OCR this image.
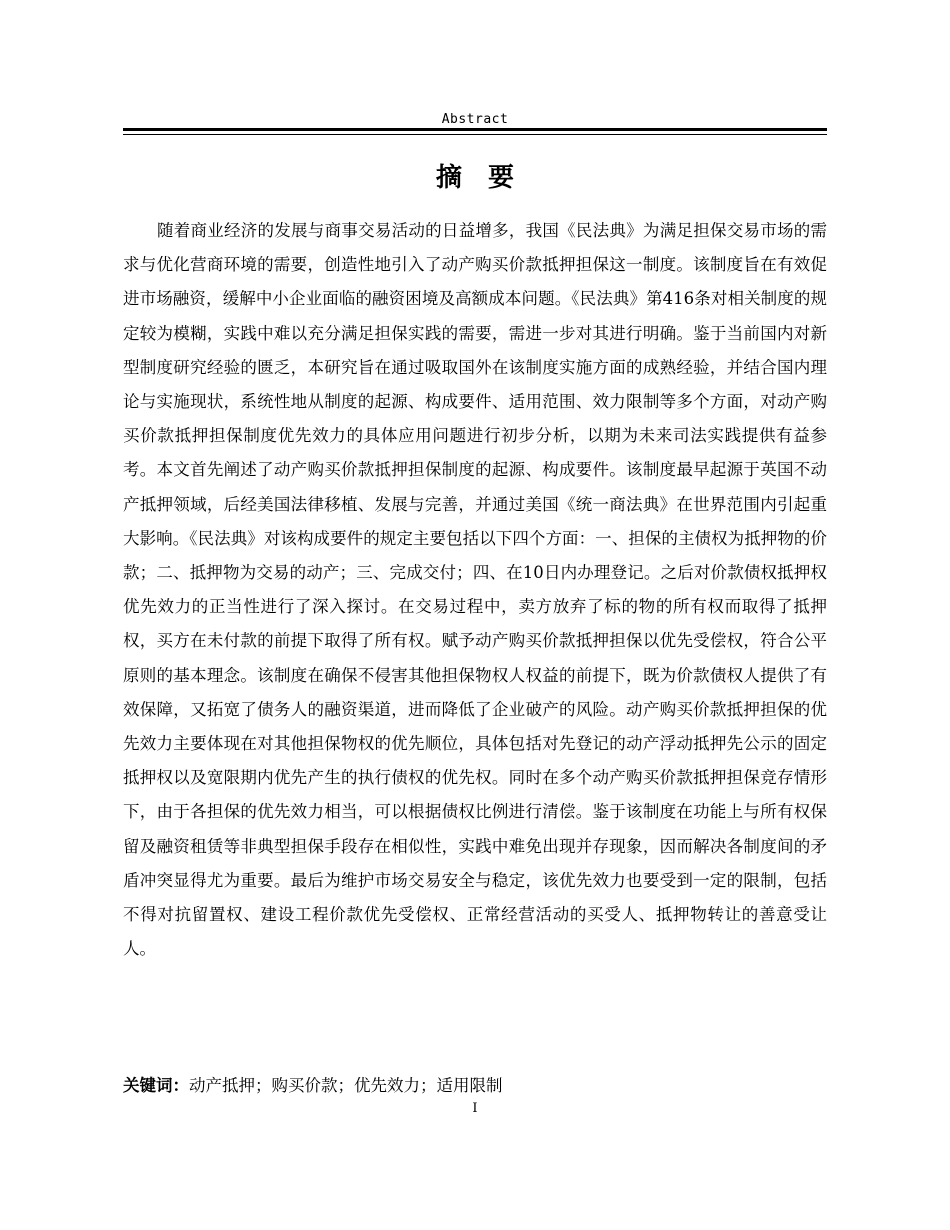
Abstract
摘要

随着商业经济的发展与商事交易活动的日益增多，我国《民法典》为满足担保交易市场的需求与优化营商环境的需要，创造性地引入了动产购买价款抵押担保这一制度。该制度旨在有效促进市场融资，缓解中小企业面临的融资困境及高额成本问题。《民法典》第416条对相关制度的规定较为模糊，实践中难以充分满足担保实践的需要，需进一步对其进行明确。鉴于当前国内对新型制度研究经验的匮乏，本研究旨在通过吸取国外在该制度实施方面的成熟经验，并结合国内理论与实施现状，系统性地从制度的起源、构成要件、适用范围、效力限制等多个方面，对动产购买价款抵押担保制度优先效力的具体应用问题进行初步分析，以期为未来司法实践提供有益参考。本文首先阐述了动产购买价款抵押担保制度的起源、构成要件。该制度最早起源于英国不动产抵押领域，后经美国法律移植、发展与完善，并通过美国《统一商法典》在世界范围内引起重大影响。《民法典》对该构成要件的规定主要包括以下四个方面：一、担保的主债权为抵押物的价款；二、抵押物为交易的动产；三、完成交付；四、在10日内办理登记。之后对价款债权抵押权优先效力的正当性进行了深入探讨。在交易过程中，卖方放弃了标的物的所有权而取得了抵押权，买方在未付款的前提下取得了所有权。赋予动产购买价款抵押担保以优先受偿权，符合公平原则的基本理念。该制度在确保不侵害其他担保物权人权益的前提下，既为价款债权人提供了有效保障，又拓宽了债务人的融资渠道，进而降低了企业破产的风险。动产购买价款抵押担保的优先效力主要体现在对其他担保物权的优先顺位，具体包括对先登记的动产浮动抵押先公示的固定抵押权以及宽限期内优先产生的执行债权的优先权。同时在多个动产购买价款抵押担保竞存情形下，由于各担保的优先效力相当，可以根据债权比例进行清偿。鉴于该制度在功能上与所有权保留及融资租赁等非典型担保手段存在相似性，实践中难免出现并存现象，因而解决各制度间的矛盾冲突显得尤为重要。最后为维护市场交易安全与稳定，该优先效力也要受到一定的限制，包括不得对抗留置权、建设工程价款优先受偿权、正常经营活动的买受人、抵押物转让的善意受让人。

关键词：动产抵押；购买价款；优先效力；适用限制
I
